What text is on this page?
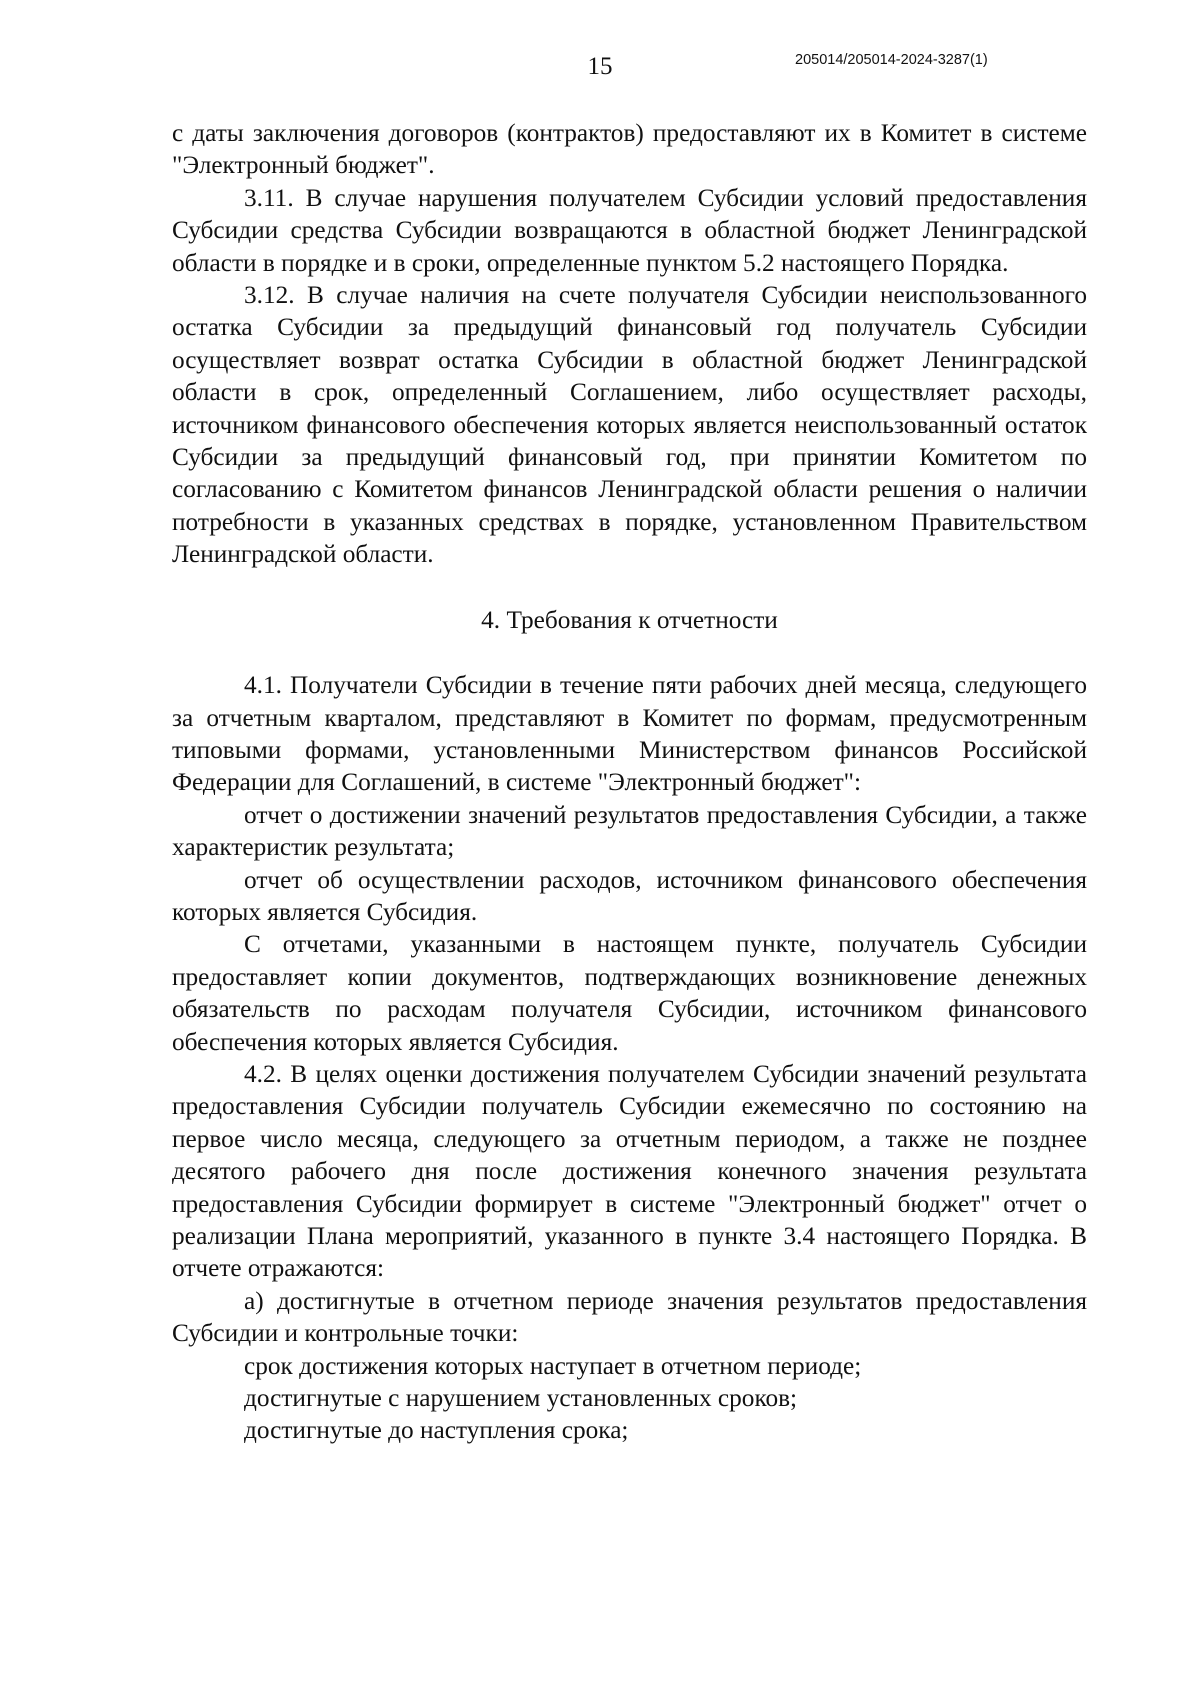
15	205014/205014-2024-3287(1)

с даты заключения договоров (контрактов) предоставляют их в Комитет в системе "Электронный бюджет".

3.11. В случае нарушения получателем Субсидии условий предоставления Субсидии средства Субсидии возвращаются в областной бюджет Ленинградской области в порядке и в сроки, определенные пунктом 5.2 настоящего Порядка.

3.12. В случае наличия на счете получателя Субсидии неиспользованного остатка Субсидии за предыдущий финансовый год получатель Субсидии осуществляет возврат остатка Субсидии в областной бюджет Ленинградской области в срок, определенный Соглашением, либо осуществляет расходы, источником финансового обеспечения которых является неиспользованный остаток Субсидии за предыдущий финансовый год, при принятии Комитетом по согласованию с Комитетом финансов Ленинградской области решения о наличии потребности в указанных средствах в порядке, установленном Правительством Ленинградской области.

4. Требования к отчетности

4.1. Получатели Субсидии в течение пяти рабочих дней месяца, следующего за отчетным кварталом, представляют в Комитет по формам, предусмотренным типовыми формами, установленными Министерством финансов Российской Федерации для Соглашений, в системе "Электронный бюджет":

отчет о достижении значений результатов предоставления Субсидии, а также характеристик результата;

отчет об осуществлении расходов, источником финансового обеспечения которых является Субсидия.

С отчетами, указанными в настоящем пункте, получатель Субсидии предоставляет копии документов, подтверждающих возникновение денежных обязательств по расходам получателя Субсидии, источником финансового обеспечения которых является Субсидия.

4.2. В целях оценки достижения получателем Субсидии значений результата предоставления Субсидии получатель Субсидии ежемесячно по состоянию на первое число месяца, следующего за отчетным периодом, а также не позднее десятого рабочего дня после достижения конечного значения результата предоставления Субсидии формирует в системе "Электронный бюджет" отчет о реализации Плана мероприятий, указанного в пункте 3.4 настоящего Порядка. В отчете отражаются:

а) достигнутые в отчетном периоде значения результатов предоставления Субсидии и контрольные точки:

срок достижения которых наступает в отчетном периоде;

достигнутые с нарушением установленных сроков;

достигнутые до наступления срока;
